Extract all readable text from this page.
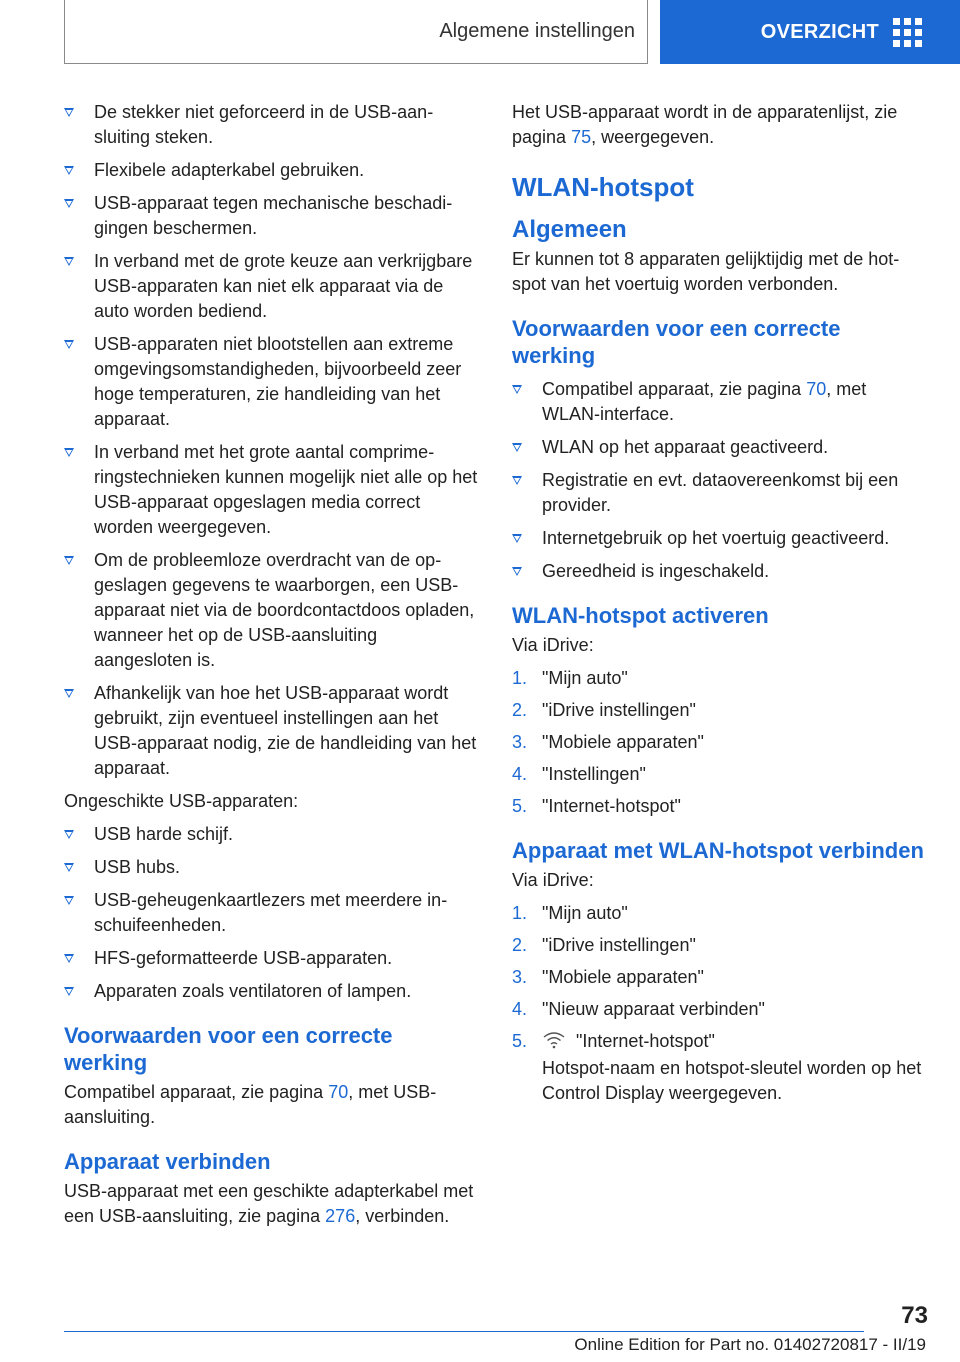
Algemene instellingen	OVERZICHT
De stekker niet geforceerd in de USB-aansluiting steken.
Flexibele adapterkabel gebruiken.
USB-apparaat tegen mechanische beschadigingen beschermen.
In verband met de grote keuze aan verkrijgbare USB-apparaten kan niet elk apparaat via de auto worden bediend.
USB-apparaten niet blootstellen aan extreme omgevingsomstandigheden, bijvoorbeeld zeer hoge temperaturen, zie handleiding van het apparaat.
In verband met het grote aantal comprimeringstechnieken kunnen mogelijk niet alle op het USB-apparaat opgeslagen media correct worden weergegeven.
Om de probleemloze overdracht van de opgeslagen gegevens te waarborgen, een USB-apparaat niet via de boordcontactdoos opladen, wanneer het op de USB-aansluiting aangesloten is.
Afhankelijk van hoe het USB-apparaat wordt gebruikt, zijn eventueel instellingen aan het USB-apparaat nodig, zie de handleiding van het apparaat.

Ongeschikte USB-apparaten:

USB harde schijf.
USB hubs.
USB-geheugenkaartlezers met meerdere inschuifeenheden.
HFS-geformatteerde USB-apparaten.
Apparaten zoals ventilatoren of lampen.
Voorwaarden voor een correcte werking

Compatibel apparaat, zie pagina 70, met USB-aansluiting.

Apparaat verbinden

USB-apparaat met een geschikte adapterkabel met een USB-aansluiting, zie pagina 276, verbinden.

Het USB-apparaat wordt in de apparatenlijst, zie pagina 75, weergegeven.

WLAN-hotspot
Algemeen

Er kunnen tot 8 apparaten gelijktijdig met de hotspot van het voertuig worden verbonden.

Voorwaarden voor een correcte werking
Compatibel apparaat, zie pagina 70, met WLAN-interface.
WLAN op het apparaat geactiveerd.
Registratie en evt. dataovereenkomst bij een provider.
Internetgebruik op het voertuig geactiveerd.
Gereedheid is ingeschakeld.
WLAN-hotspot activeren

Via iDrive:

1. "Mijn auto"
2. "iDrive instellingen"
3. "Mobiele apparaten"
4. "Instellingen"
5. "Internet-hotspot"
Apparaat met WLAN-hotspot verbinden

Via iDrive:

1. "Mijn auto"
2. "iDrive instellingen"
3. "Mobiele apparaten"
4. "Nieuw apparaat verbinden"
5.	"Internet-hotspot"
Hotspot-naam en hotspot-sleutel worden op het Control Display weergegeven.
73
Online Edition for Part no. 01402720817 - II/19
